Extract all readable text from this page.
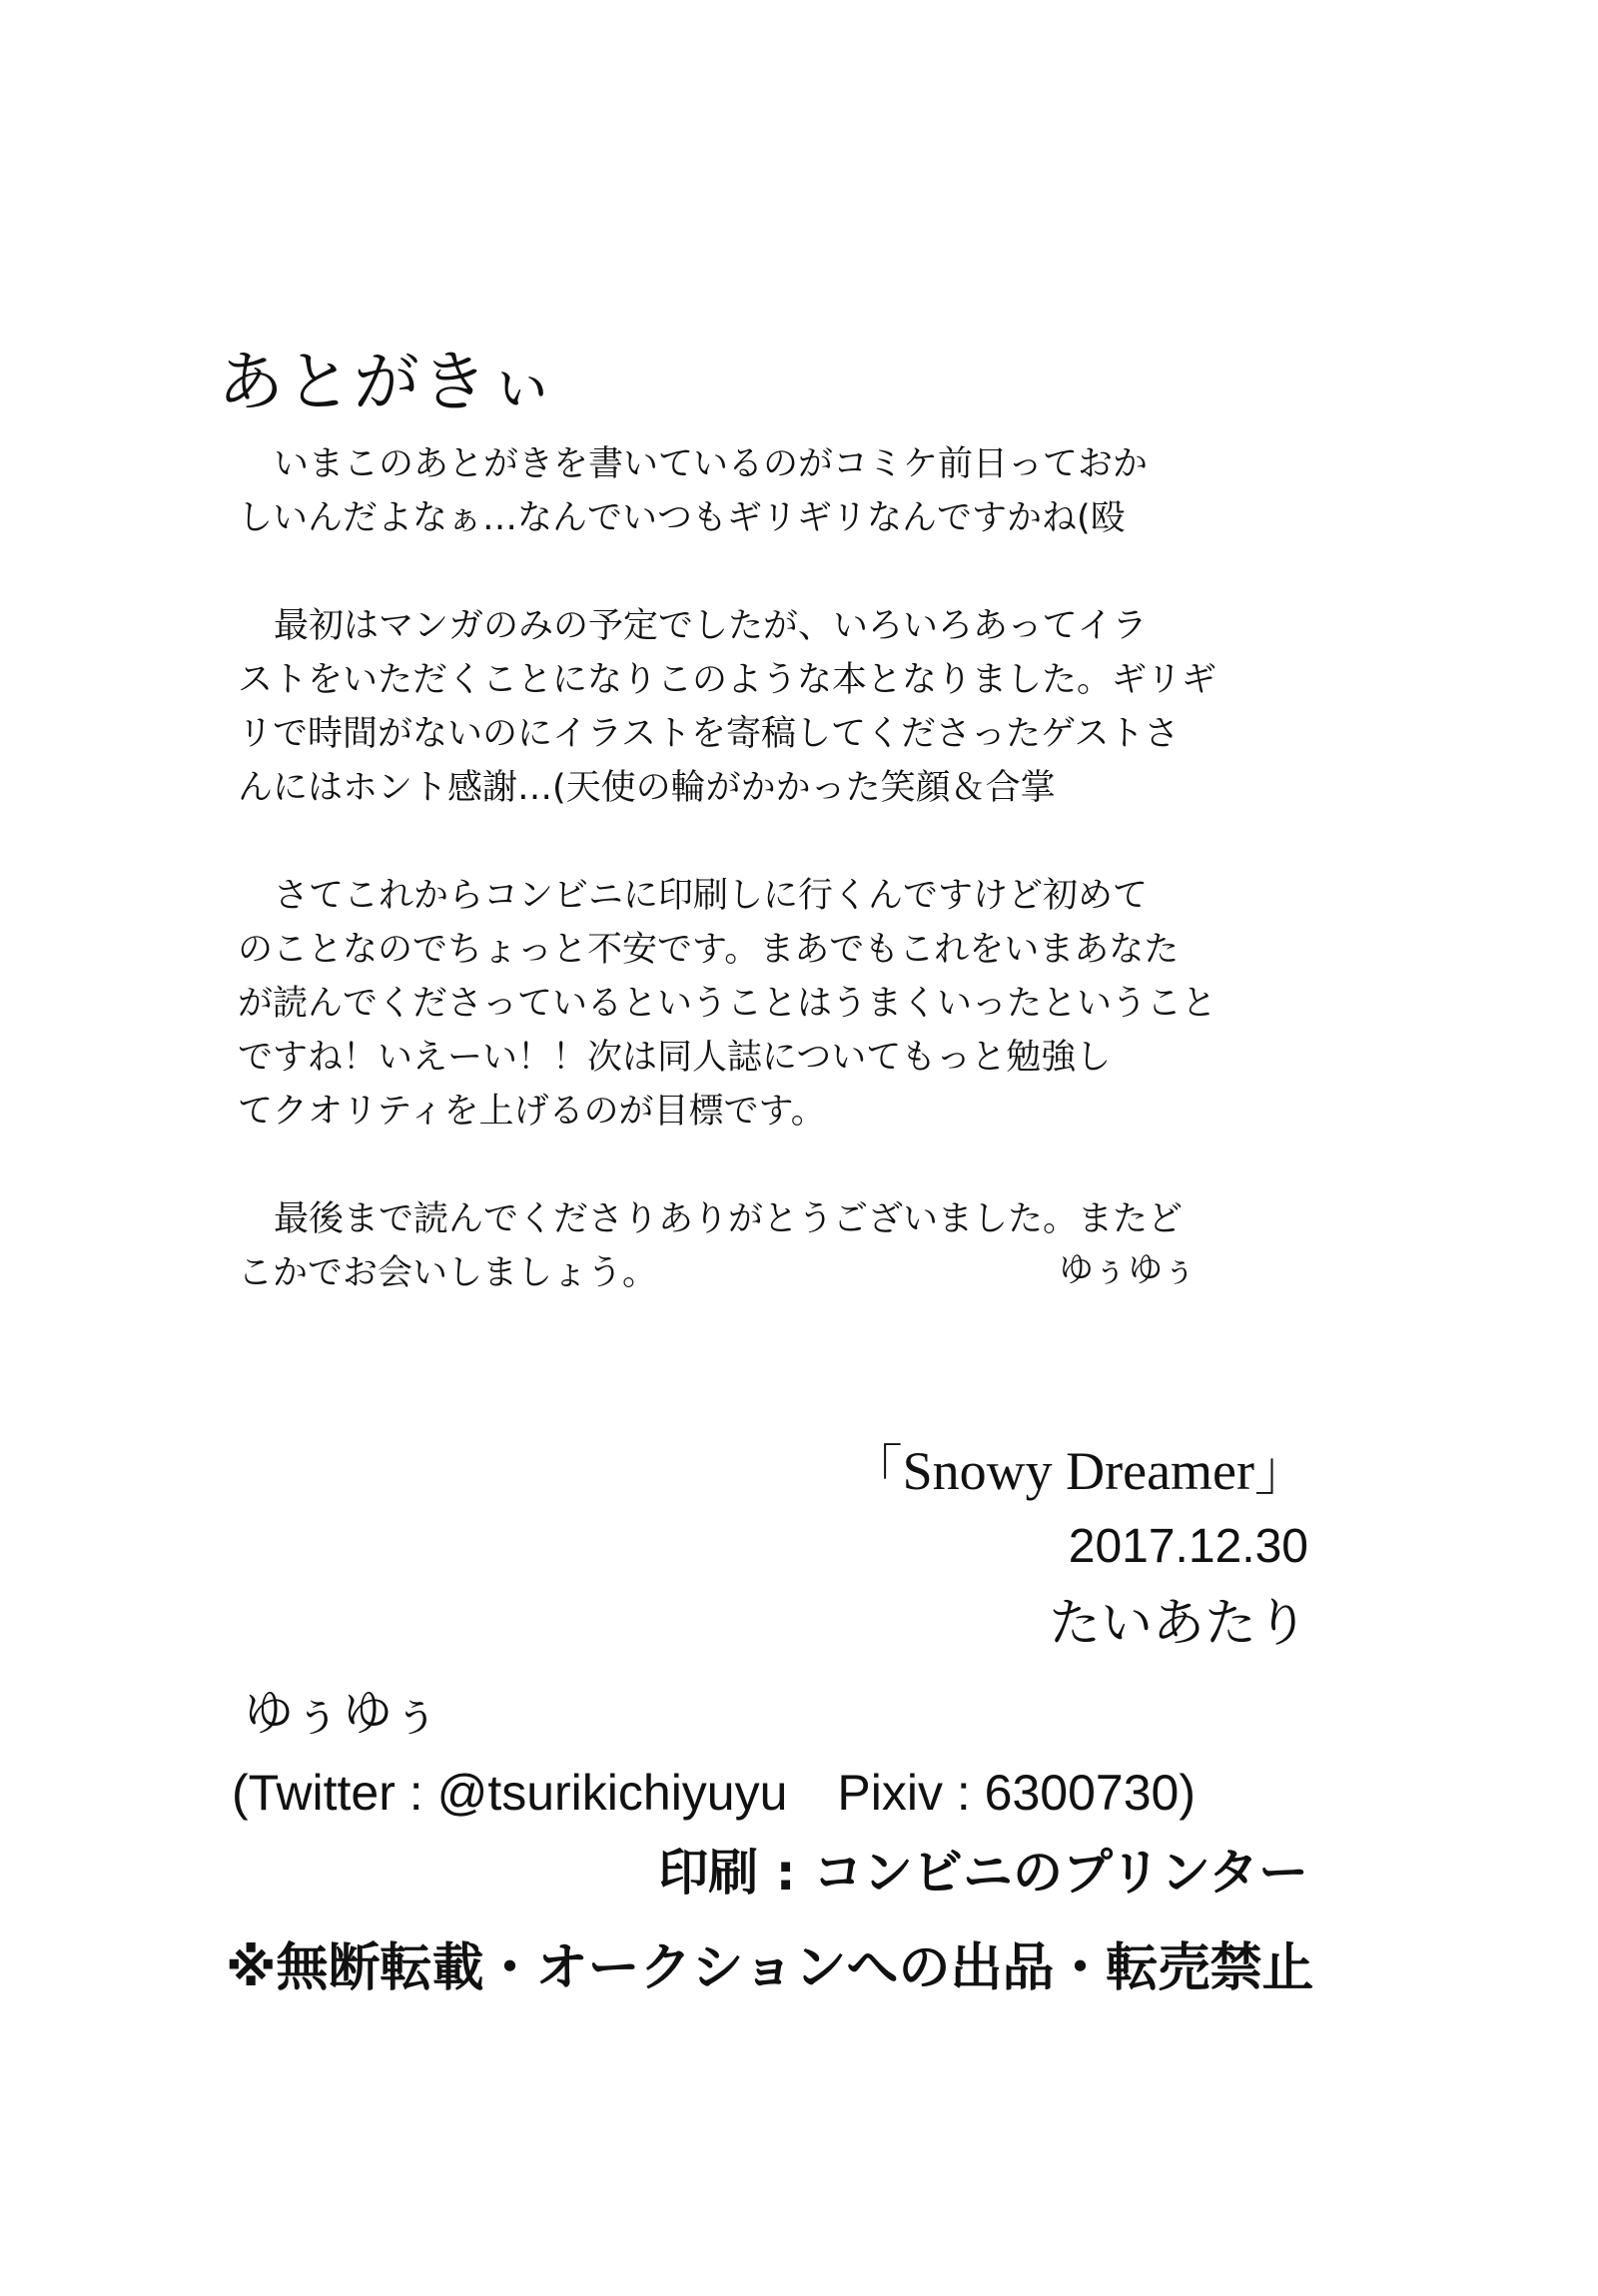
あとがきぃ
いまこのあとがきを書いているのがコミケ前日っておか
しいんだよなぁ…なんでいつもギリギリなんですかね(殴
最初はマンガのみの予定でしたが、いろいろあってイラ
ストをいただくことになりこのような本となりました。ギリギ
リで時間がないのにイラストを寄稿してくださったゲストさ
んにはホント感謝…(天使の輪がかかった笑顔＆合掌
さてこれからコンビニに印刷しに行くんですけど初めて
のことなのでちょっと不安です。まあでもこれをいまあなた
が読んでくださっているということはうまくいったということ
ですね！いえーい！！次は同人誌についてもっと勉強し
てクオリティを上げるのが目標です。
最後まで読んでくださりありがとうございました。またど
こかでお会いしましょう。	ゆぅゆぅ
「Snowy Dreamer」
2017.12.30
たいあたり
ゆぅゆぅ
(Twitter : @tsurikichiyuyu　Pixiv : 6300730)
印刷 : コンビニのプリンター
※無断転載・オークションへの出品・転売禁止
